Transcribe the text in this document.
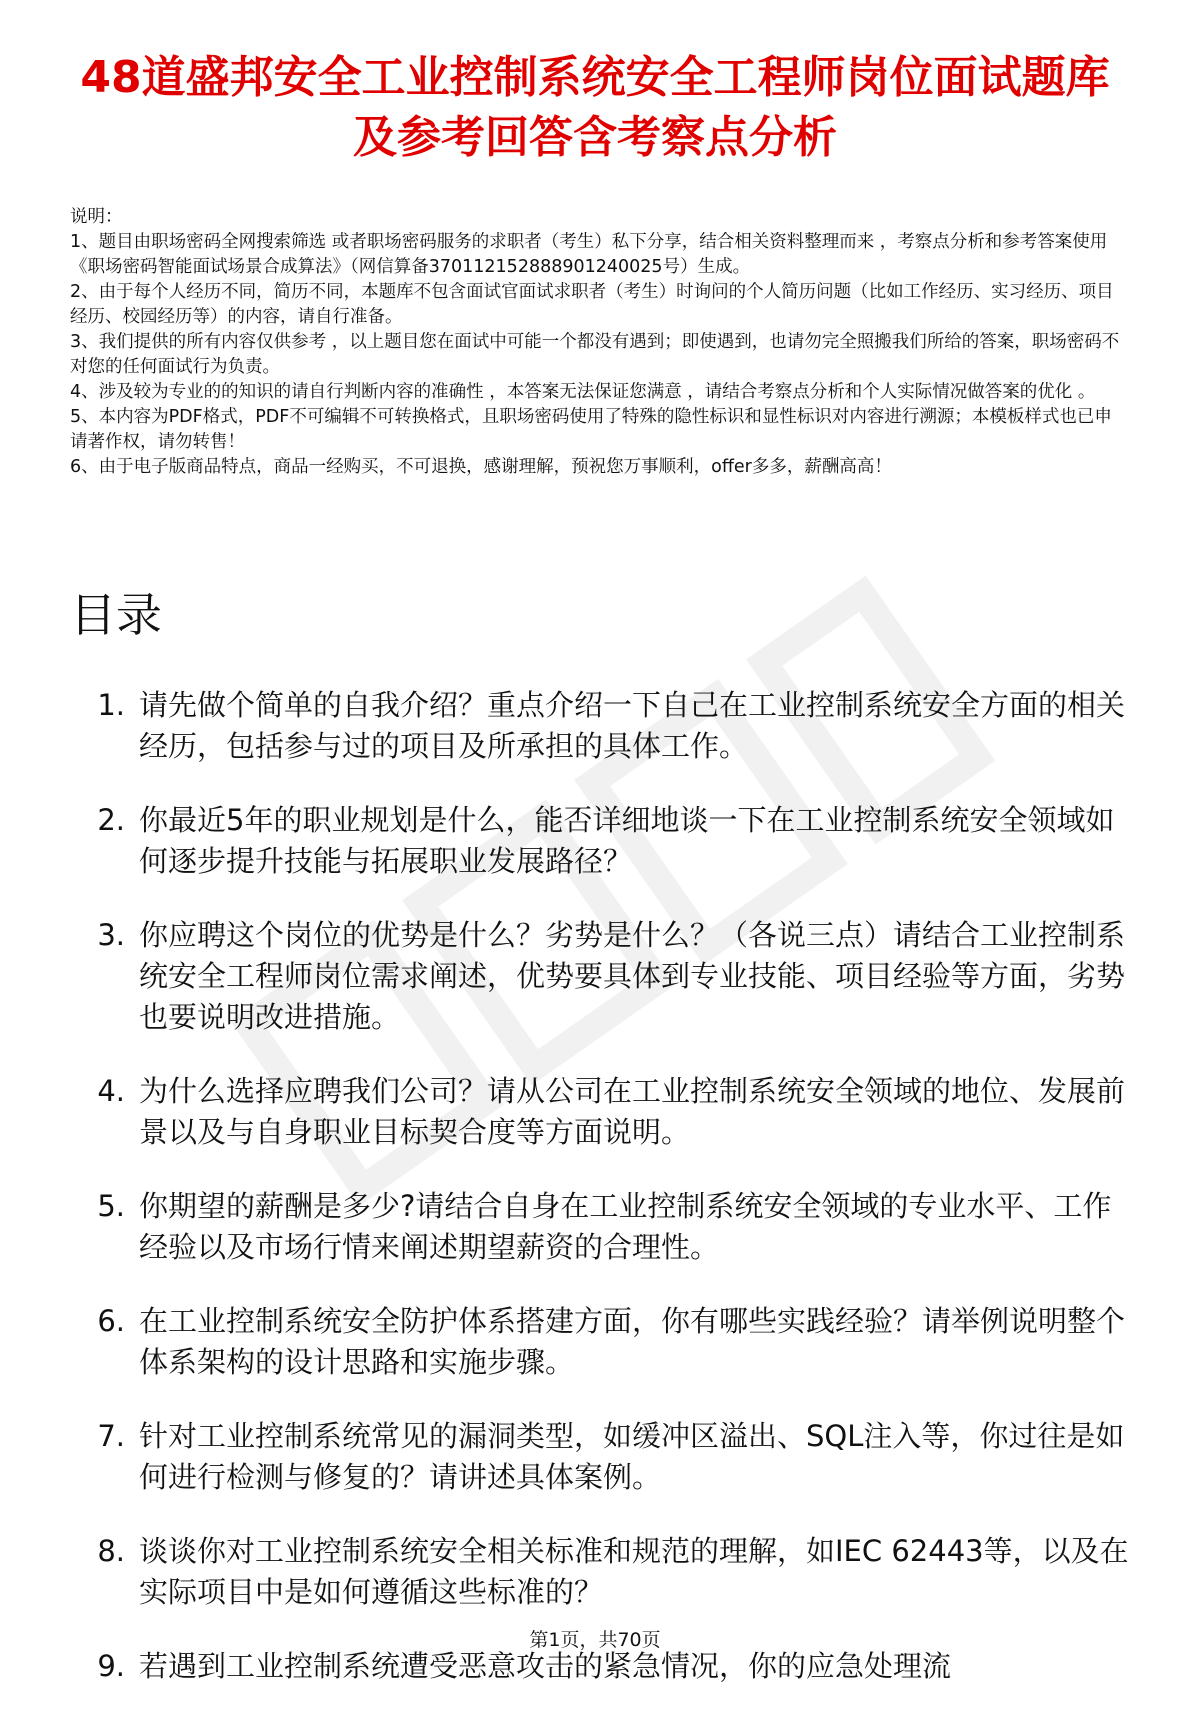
48道盛邦安全工业控制系统安全工程师岗位面试题库及参考回答含考察点分析

说明：

1、题目由职场密码全网搜索筛选 或者职场密码服务的求职者（考生）私下分享，结合相关资料整理而来 ，考察点分析和参考答案使用《职场密码智能面试场景合成算法》（网信算备370112152888901240025号）生成。

2、由于每个人经历不同，简历不同，本题库不包含面试官面试求职者（考生）时询问的个人简历问题（比如工作经历、实习经历、项目经历、校园经历等）的内容，请自行准备。

3、我们提供的所有内容仅供参考 ，以上题目您在面试中可能一个都没有遇到；即使遇到，也请勿完全照搬我们所给的答案，职场密码不对您的任何面试行为负责。

4、涉及较为专业的的知识的请自行判断内容的准确性 ，本答案无法保证您满意 ，请结合考察点分析和个人实际情况做答案的优化 。

5、本内容为PDF格式，PDF不可编辑不可转换格式，且职场密码使用了特殊的隐性标识和显性标识对内容进行溯源；本模板样式也已申请著作权，请勿转售！

6、由于电子版商品特点，商品一经购买，不可退换，感谢理解，预祝您万事顺利，offer多多，薪酬高高！

目录
1. 请先做个简单的自我介绍？重点介绍一下自己在工业控制系统安全方面的相关经历，包括参与过的项目及所承担的具体工作。
2. 你最近5年的职业规划是什么，能否详细地谈一下在工业控制系统安全领域如何逐步提升技能与拓展职业发展路径？
3. 你应聘这个岗位的优势是什么？劣势是什么？（各说三点）请结合工业控制系统安全工程师岗位需求阐述，优势要具体到专业技能、项目经验等方面，劣势也要说明改进措施。
4. 为什么选择应聘我们公司？请从公司在工业控制系统安全领域的地位、发展前景以及与自身职业目标契合度等方面说明。
5. 你期望的薪酬是多少?请结合自身在工业控制系统安全领域的专业水平、工作经验以及市场行情来阐述期望薪资的合理性。
6. 在工业控制系统安全防护体系搭建方面，你有哪些实践经验？请举例说明整个体系架构的设计思路和实施步骤。
7. 针对工业控制系统常见的漏洞类型，如缓冲区溢出、SQL注入等，你过往是如何进行检测与修复的？请讲述具体案例。
8. 谈谈你对工业控制系统安全相关标准和规范的理解，如IEC 62443等，以及在实际项目中是如何遵循这些标准的？
9. 若遇到工业控制系统遭受恶意攻击的紧急情况，你的应急处理流
第1页，共70页
